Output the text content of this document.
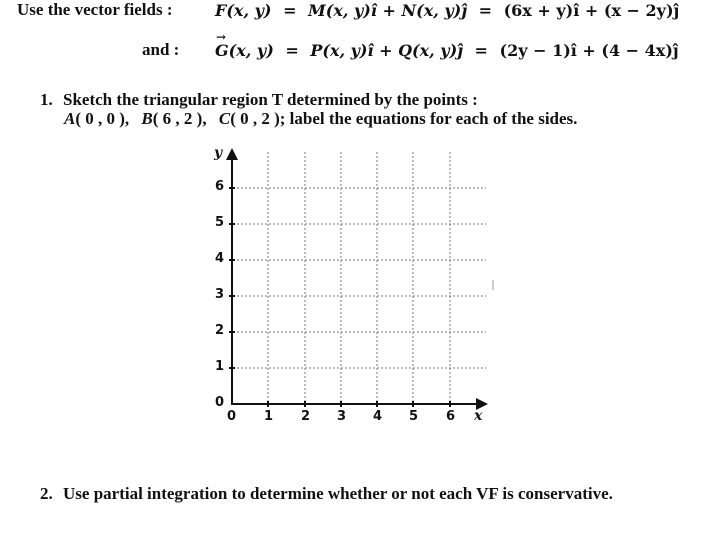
Use the vector fields :	F(x, y) = M(x, y)î + N(x, y)ĵ = (6x + y)î + (x − 2y)ĵ
and :
→
G(x, y) = P(x, y)î + Q(x, y)ĵ = (2y − 1)î + (4 − 4x)ĵ
1. Sketch the triangular region T determined by the points :
A( 0 , 0 ), B( 6 , 2 ), C( 0 , 2 ); label the equations for each of the sides.
0
1
2
3
4
5
6
0 1 2 3 4 5 6 x
y
2. Use partial integration to determine whether or not each VF is conservative.
